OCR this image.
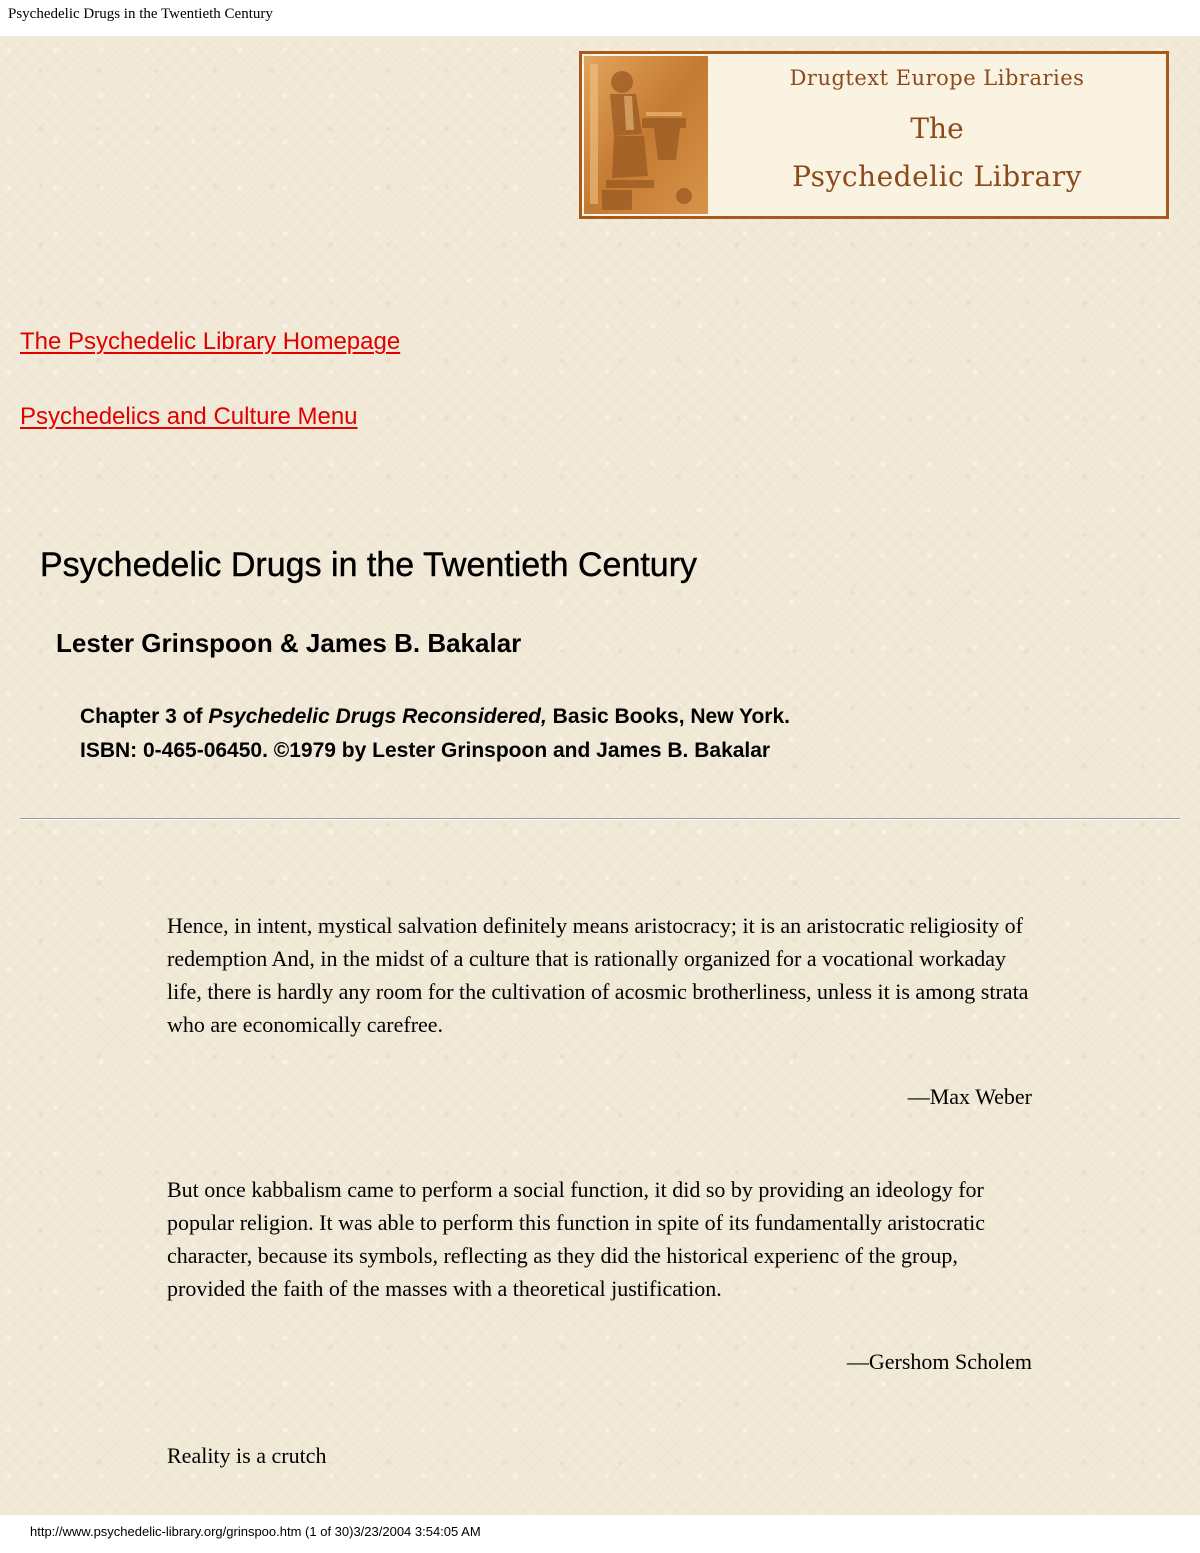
Psychedelic Drugs in the Twentieth Century
Drugtext Europe Libraries
The
Psychedelic Library
The Psychedelic Library Homepage
Psychedelics and Culture Menu
Psychedelic Drugs in the Twentieth Century
Lester Grinspoon & James B. Bakalar
Chapter 3 of Psychedelic Drugs Reconsidered, Basic Books, New York.
ISBN: 0-465-06450. ©1979 by Lester Grinspoon and James B. Bakalar
Hence, in intent, mystical salvation definitely means aristocracy; it is an aristocratic religiosity of redemption And, in the midst of a culture that is rationally organized for a vocational workaday life, there is hardly any room for the cultivation of acosmic brotherliness, unless it is among strata who are economically carefree.
—Max Weber
But once kabbalism came to perform a social function, it did so by providing an ideology for popular religion. It was able to perform this function in spite of its fundamentally aristocratic character, because its symbols, reflecting as they did the historical experienc of the group, provided the faith of the masses with a theoretical justification.
—Gershom Scholem
Reality is a crutch
http://www.psychedelic-library.org/grinspoo.htm (1 of 30)3/23/2004 3:54:05 AM
